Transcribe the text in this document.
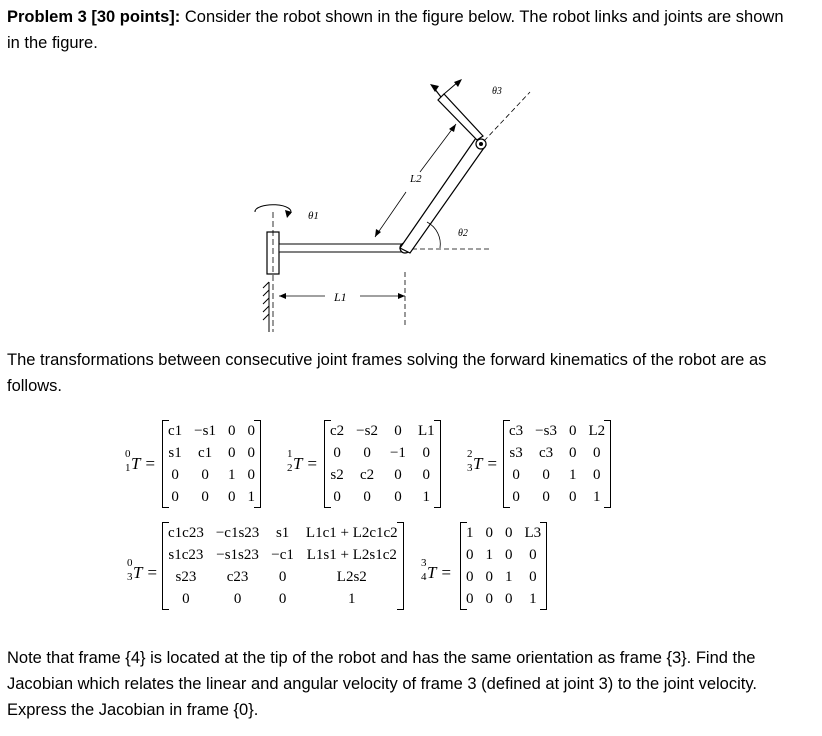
Problem 3 [30 points]: Consider the robot shown in the figure below. The robot links and joints are shown in the figure.
θ1
L1
θ3
L2
θ2
The transformations between consecutive joint frames solving the forward kinematics of the robot are as follows.
0
1 T =
c1	−s1	0	0
s1	c1	0	0
0	0	1	0
0	0	0	1
1
2 T =
c2	−s2	0	L1
0	0	−1	0
s2	c2	0	0
0	0	0	1
2
3 T =
c3	−s3	0	L2
s3	c3	0	0
0	0	1	0
0	0	0	1
0
3 T =
c1c23	−c1s23	s1	L1c1 + L2c1c2
s1c23	−s1s23	−c1	L1s1 + L2s1c2
s23	c23	0	L2s2
0	0	0	1
3
4 T =
1	0	0	L3
0	1	0	0
0	0	1	0
0	0	0	1
Note that frame {4} is located at the tip of the robot and has the same orientation as frame {3}. Find the Jacobian which relates the linear and angular velocity of frame 3 (defined at joint 3) to the joint velocity. Express the Jacobian in frame {0}.
